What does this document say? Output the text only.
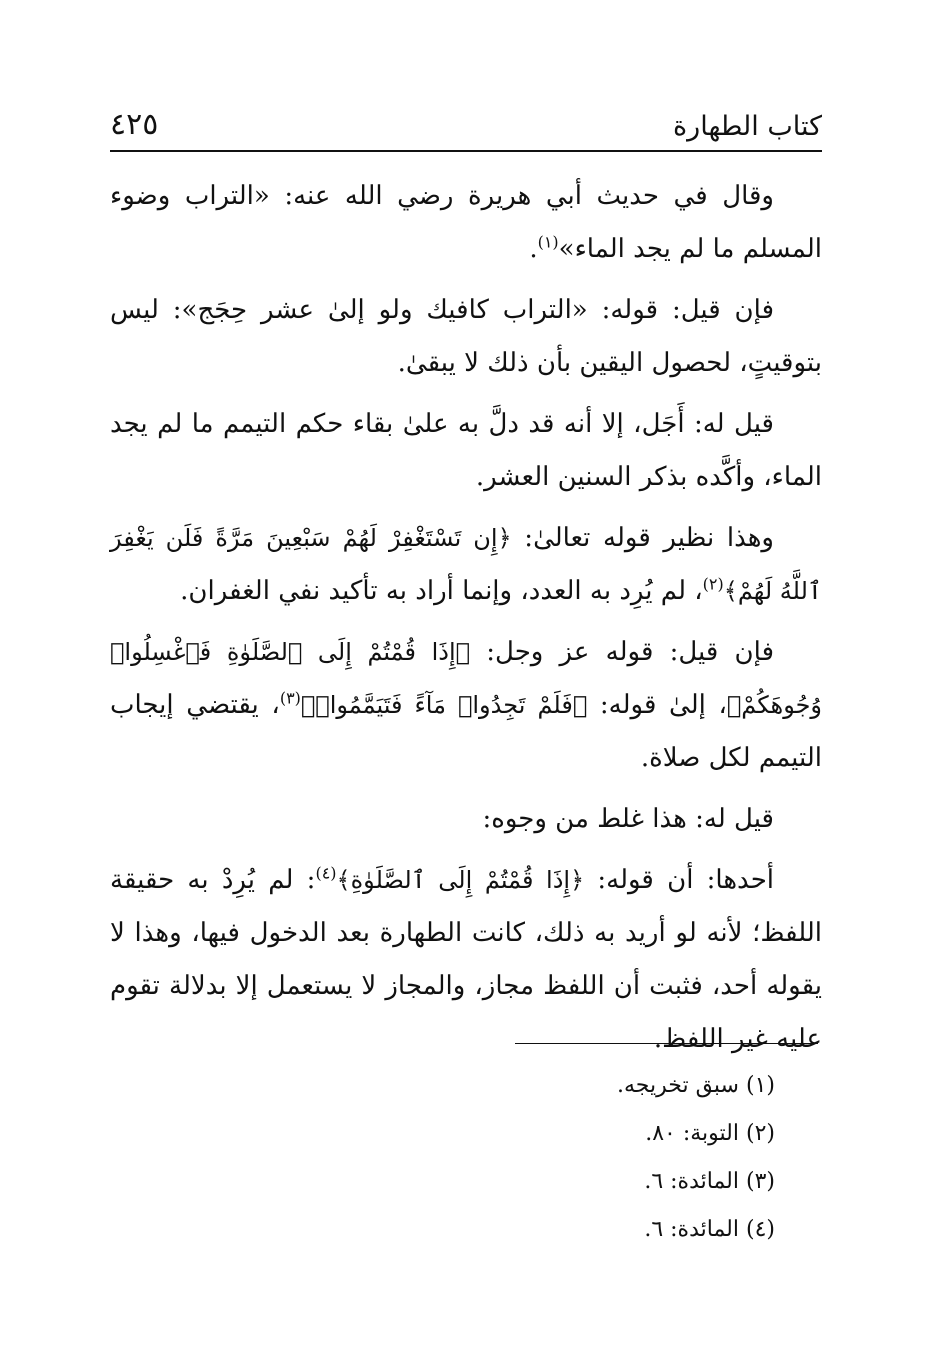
كتاب الطهارة
٤٢٥

وقال في حديث أبي هريرة رضي الله عنه: «التراب وضوء المسلم ما لم يجد الماء»$^{(١)}$.

فإن قيل: قوله: «التراب كافيك ولو إلىٰ عشر حِجَج»: ليس بتوقيتٍ، لحصول اليقين بأن ذلك لا يبقىٰ.

قيل له: أَجَل، إلا أنه قد دلَّ به علىٰ بقاء حكم التيمم ما لم يجد الماء، وأكَّده بذكر السنين العشر.

وهذا نظير قوله تعالىٰ: ﴿إِن تَسْتَغْفِرْ لَهُمْ سَبْعِينَ مَرَّةً فَلَن يَغْفِرَ ٱللَّهُ لَهُمْ﴾$^{(٢)}$، لم يُرِد به العدد، وإنما أراد به تأكيد نفي الغفران.

فإن قيل: قوله عز وجل: ﴿إِذَا قُمْتُمْ إِلَى ٱلصَّلَوٰةِ فَٱغْسِلُوا۟ وُجُوهَكُمْ﴾، إلىٰ قوله: ﴿فَلَمْ تَجِدُوا۟ مَآءً فَتَيَمَّمُوا۟﴾$^{(٣)}$، يقتضي إيجاب التيمم لكل صلاة.

قيل له: هذا غلط من وجوه:

أحدها: أن قوله: ﴿إِذَا قُمْتُمْ إِلَى ٱلصَّلَوٰةِ﴾$^{(٤)}$: لم يُرِدْ به حقيقة اللفظ؛ لأنه لو أريد به ذلك، كانت الطهارة بعد الدخول فيها، وهذا لا يقوله أحد، فثبت أن اللفظ مجاز، والمجاز لا يستعمل إلا بدلالة تقوم عليه غير اللفظ.

(١) سبق تخريجه.

(٢) التوبة: ٨٠.

(٣) المائدة: ٦.

(٤) المائدة: ٦.
